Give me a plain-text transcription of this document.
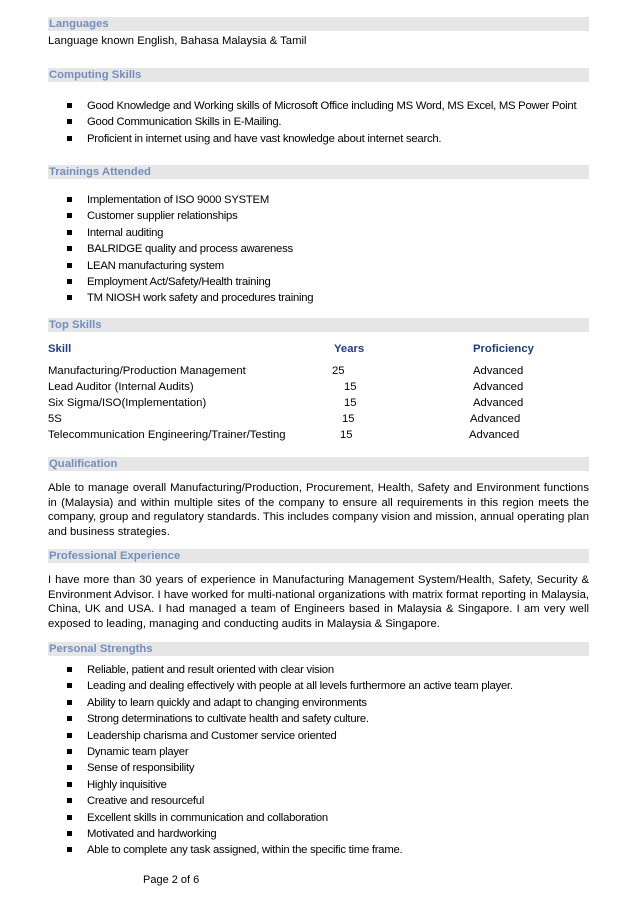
Languages
Language known English, Bahasa Malaysia & Tamil
Computing Skills
Good Knowledge and Working skills of Microsoft Office including MS Word, MS Excel, MS Power Point
Good Communication Skills in E-Mailing.
Proficient in internet using and have vast knowledge about internet search.
Trainings Attended
Implementation of ISO 9000 SYSTEM
Customer supplier relationships
Internal auditing
BALRIDGE quality and process awareness
LEAN manufacturing system
Employment Act/Safety/Health training
TM NIOSH work safety and procedures training
Top Skills
Skill	Years	Proficiency
Manufacturing/Production Management	25	Advanced
Lead Auditor (Internal Audits)	15	Advanced
Six Sigma/ISO(Implementation)	15	Advanced
5S	15	Advanced
Telecommunication Engineering/Trainer/Testing	15	Advanced
Qualification
Able to manage overall Manufacturing/Production, Procurement, Health, Safety and Environment functions in (Malaysia) and within multiple sites of the company to ensure all requirements in this region meets the company, group and regulatory standards. This includes company vision and mission, annual operating plan and business strategies.
Professional Experience
I have more than 30 years of experience in Manufacturing Management System/Health, Safety, Security & Environment Advisor. I have worked for multi-national organizations with matrix format reporting in Malaysia, China, UK and USA. I had managed a team of Engineers based in Malaysia & Singapore. I am very well exposed to leading, managing and conducting audits in Malaysia & Singapore.
Personal Strengths
Reliable, patient and result oriented with clear vision
Leading and dealing effectively with people at all levels furthermore an active team player.
Ability to learn quickly and adapt to changing environments
Strong determinations to cultivate health and safety culture.
Leadership charisma and Customer service oriented
Dynamic team player
Sense of responsibility
Highly inquisitive
Creative and resourceful
Excellent skills in communication and collaboration
Motivated and hardworking
Able to complete any task assigned, within the specific time frame.
Page 2 of 6
